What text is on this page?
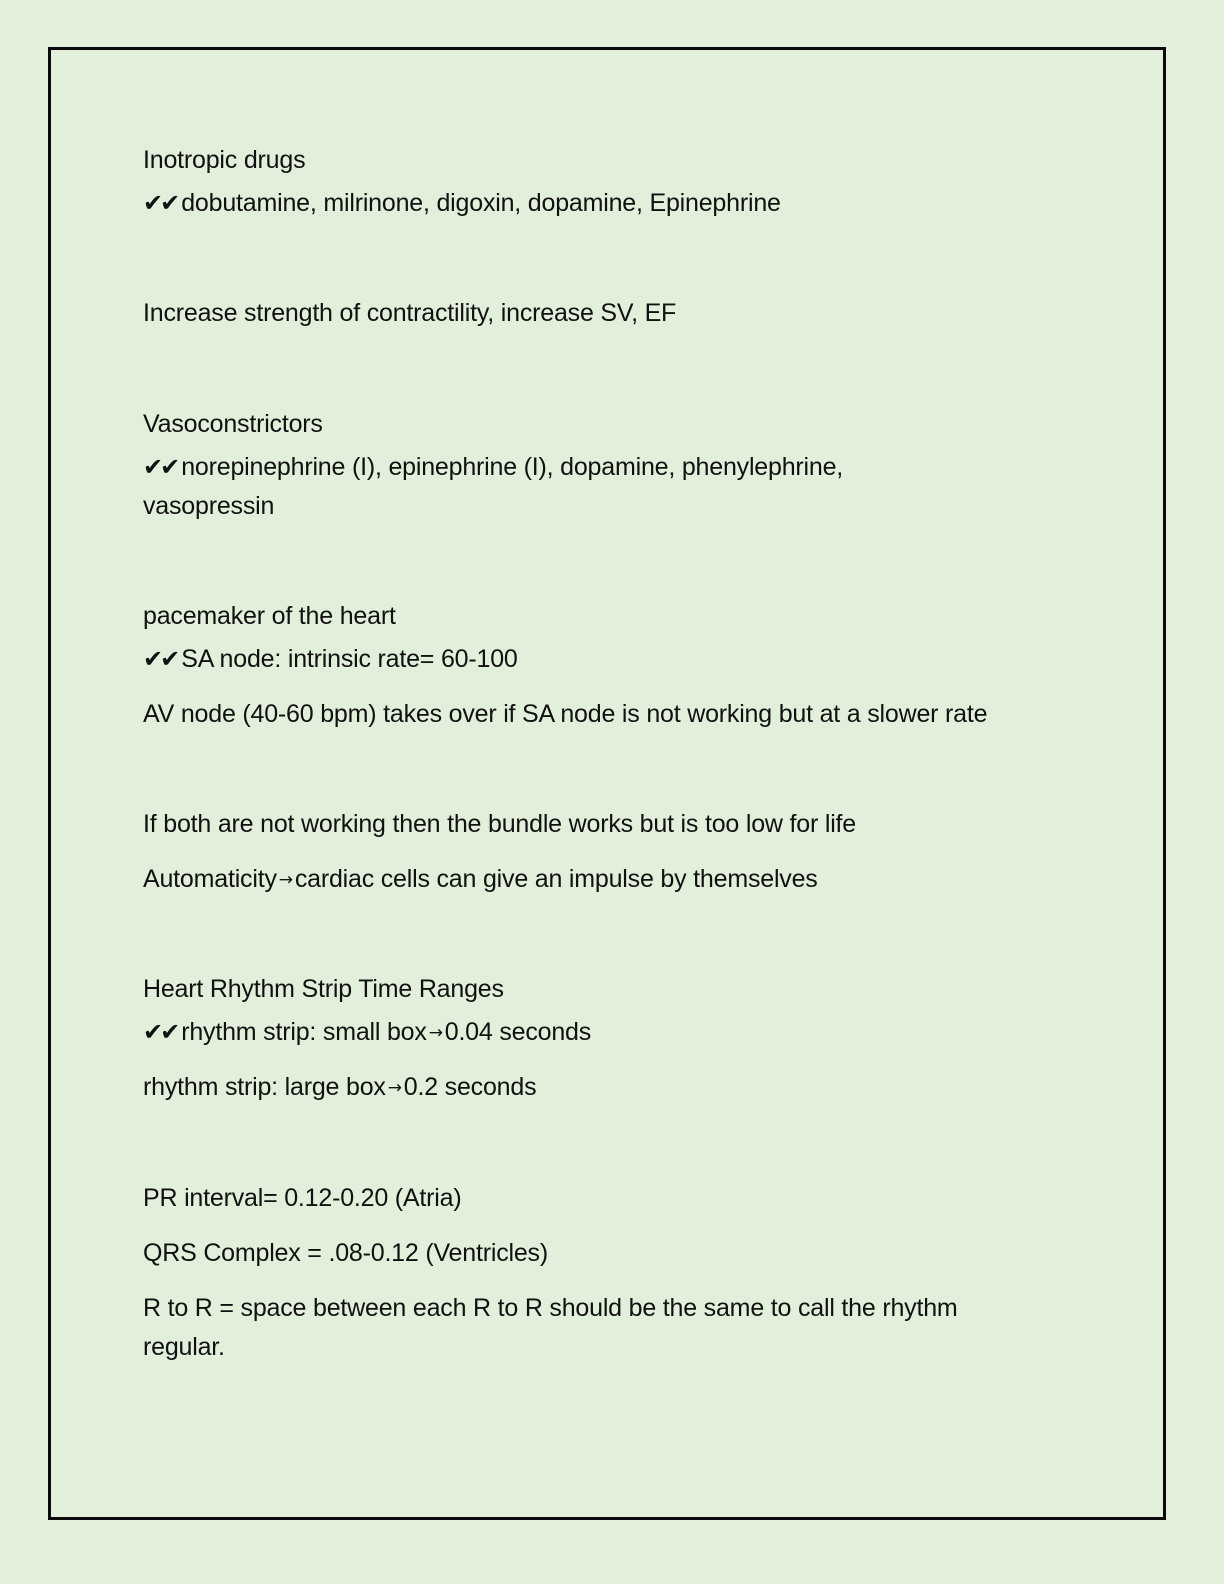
Inotropic drugs
✔✔ dobutamine, milrinone, digoxin, dopamine, Epinephrine
Increase strength of contractility, increase SV, EF
Vasoconstrictors
✔✔ norepinephrine (I), epinephrine (I), dopamine, phenylephrine, vasopressin
pacemaker of the heart
✔✔ SA node: intrinsic rate= 60-100
AV node (40-60 bpm) takes over if SA node is not working but at a slower rate
If both are not working then the bundle works but is too low for life
Automaticity →cardiac cells can give an impulse by themselves
Heart Rhythm Strip Time Ranges
✔✔ rhythm strip: small box →0.04 seconds
rhythm strip: large box →0.2 seconds
PR interval= 0.12-0.20 (Atria)
QRS Complex = .08-0.12 (Ventricles)
R to R = space between each R to R should be the same to call the rhythm regular.
